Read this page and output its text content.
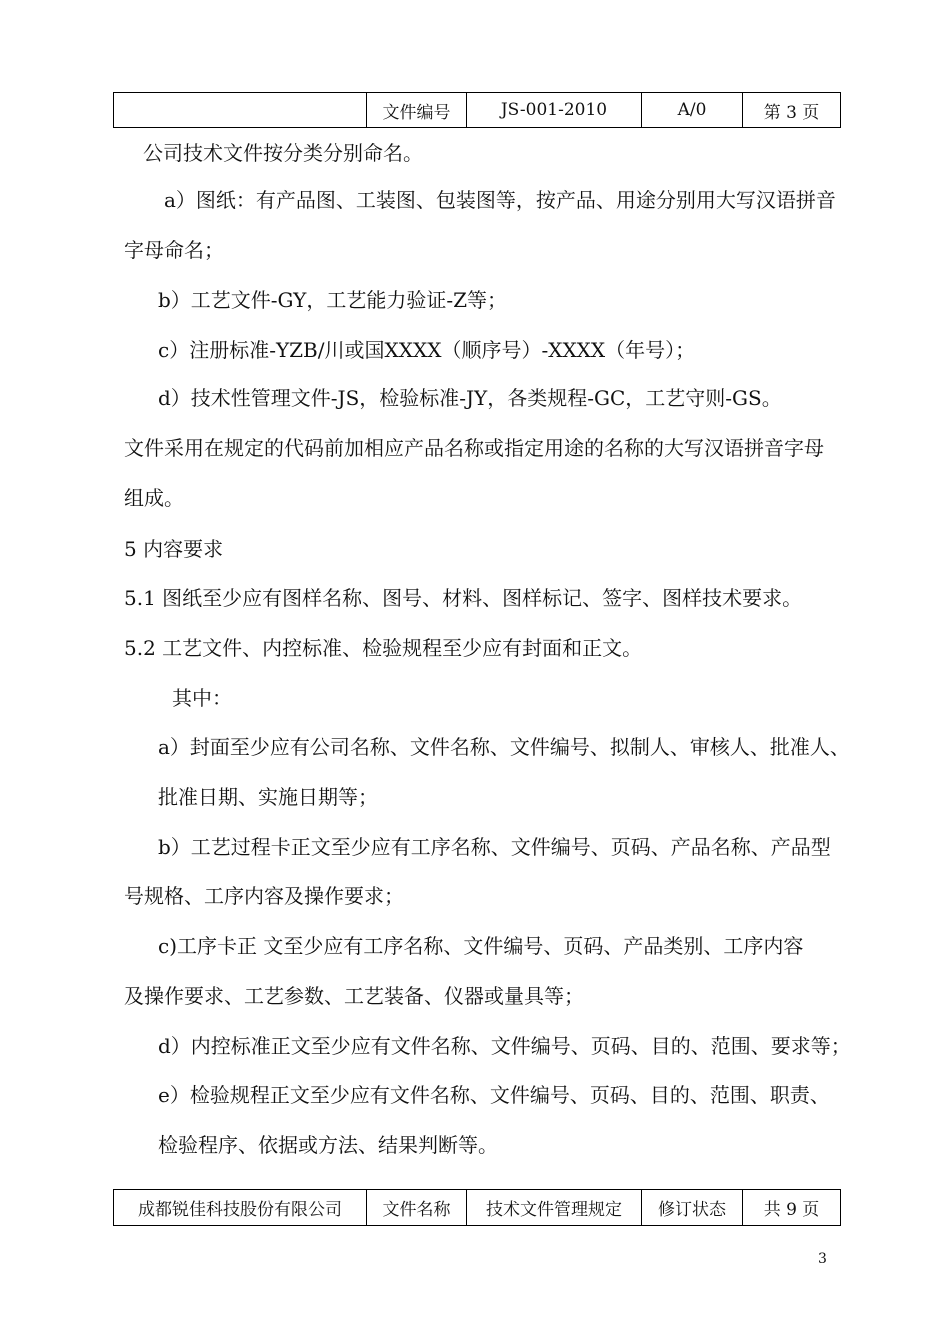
	文件编号	JS-001-2010	A/0	第 3 页
公司技术文件按分类分别命名。
a）图纸：有产品图、工装图、包装图等，按产品、用途分别用大写汉语拼音
字母命名；
b）工艺文件-GY，工艺能力验证-Z等；
c）注册标准-YZB/川或国XXXX（顺序号）-XXXX（年号）；
d）技术性管理文件-JS，检验标准-JY，各类规程-GC，工艺守则-GS。
文件采用在规定的代码前加相应产品名称或指定用途的名称的大写汉语拼音字母
组成。
5 内容要求
5.1 图纸至少应有图样名称、图号、材料、图样标记、签字、图样技术要求。
5.2 工艺文件、内控标准、检验规程至少应有封面和正文。
其中：
a）封面至少应有公司名称、文件名称、文件编号、拟制人、审核人、批准人、
批准日期、实施日期等；
b）工艺过程卡正文至少应有工序名称、文件编号、页码、产品名称、产品型
号规格、工序内容及操作要求；
c)工序卡正 文至少应有工序名称、文件编号、页码、产品类别、工序内容
及操作要求、工艺参数、工艺装备、仪器或量具等；
d）内控标准正文至少应有文件名称、文件编号、页码、目的、范围、要求等；
e）检验规程正文至少应有文件名称、文件编号、页码、目的、范围、职责、
检验程序、依据或方法、结果判断等。
成都锐佳科技股份有限公司	文件名称	技术文件管理规定	修订状态	共 9 页
3
